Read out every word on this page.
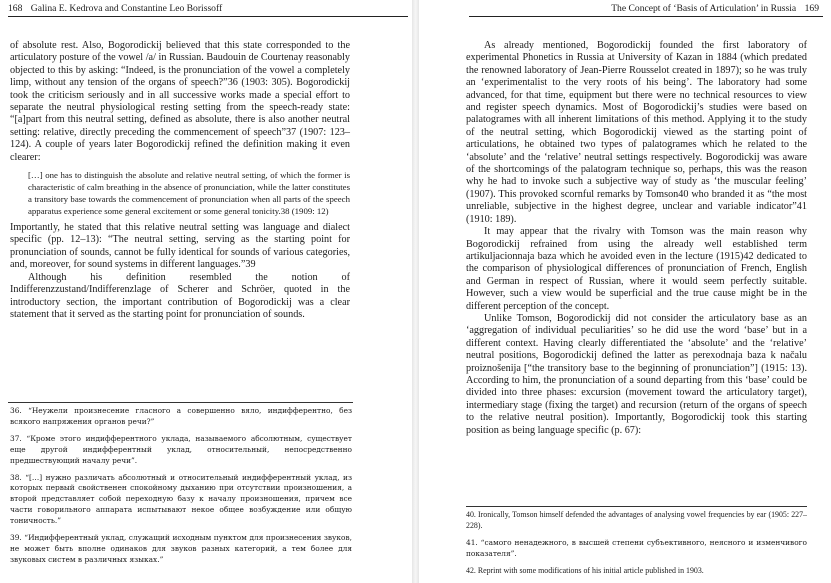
168 Galina E. Kedrova and Constantine Leo Borissoff

of absolute rest. Also, Bogorodickij believed that this state corresponded to the articulatory posture of the vowel /a/ in Russian. Baudouin de Courtenay reasonably objected to this by asking: “Indeed, is the pronunciation of the vowel a completely limp, without any tension of the organs of speech?”36 (1903: 305). Bogorodickij took the criticism seriously and in all successive works made a special effort to separate the neutral physiological resting setting from the speech-ready state: “[a]part from this neutral setting, defined as absolute, there is also another neutral setting: relative, directly preceding the commencement of speech”37 (1907: 123–124). A couple of years later Bogorodickij refined the definition making it even clearer:

[…] one has to distinguish the absolute and relative neutral setting, of which the former is characteristic of calm breathing in the absence of pronunciation, while the latter constitutes a transitory base towards the commencement of pronunciation when all parts of the speech apparatus experience some general excitement or some general tonicity.38 (1909: 12)

Importantly, he stated that this relative neutral setting was language and dialect specific (pp. 12–13): “The neutral setting, serving as the starting point for pronunciation of sounds, cannot be fully identical for sounds of various categories, and, moreover, for sound systems in different languages.”39

Although his definition resembled the notion of Indifferenzzustand/Indifferenzlage of Scherer and Schröer, quoted in the introductory section, the important contribution of Bogorodickij was a clear statement that it served as the starting point for pronunciation of sounds.

36. “Неужели произнесение гласного а совершенно вяло, индифферентно, без всякого напряжения органов речи?”
37. “Кроме этого индифферентного уклада, называемого абсолютным, существует еще другой индифферентный уклад, относительный, непосредственно предшествующий началу речи”.
38. “[…] нужно различать абсолютный и относительный индифферентный уклад, из которых первый свойственен спокойному дыханию при отсутствии произношения, а второй представляет собой переходную базу к началу произношения, причем все части говорильного аппарата испытывают некое общее возбуждение или общую тоничность.”
39. “Индифферентный уклад, служащий исходным пунктом для произнесения звуков, не может быть вполне одинаков для звуков разных категорий, а тем более для звуковых систем в различных языках.”
The Concept of ‘Basis of Articulation’ in Russia 169

As already mentioned, Bogorodickij founded the first laboratory of experimental Phonetics in Russia at University of Kazan in 1884 (which predated the renowned laboratory of Jean-Pierre Rousselot created in 1897); so he was truly an ‘experimentalist to the very roots of his being’. The laboratory had some advanced, for that time, equipment but there were no technical resources to view and register speech dynamics. Most of Bogorodickij’s studies were based on palatogrames with all inherent limitations of this method. Applying it to the study of the neutral setting, which Bogorodickij viewed as the starting point of articulations, he obtained two types of palatogrames which he related to the ‘absolute’ and the ‘relative’ neutral settings respectively. Bogorodickij was aware of the shortcomings of the palatogram technique so, perhaps, this was the reason why he had to invoke such a subjective way of study as ‘the muscular feeling’ (1907). This provoked scornful remarks by Tomson40 who branded it as “the most unreliable, subjective in the highest degree, unclear and variable indicator”41 (1910: 189).

It may appear that the rivalry with Tomson was the main reason why Bogorodickij refrained from using the already well established term artikuljacionnaja baza which he avoided even in the lecture (1915)42 dedicated to the comparison of physiological differences of pronunciation of French, English and German in respect of Russian, where it would seem perfectly suitable. However, such a view would be superficial and the true cause might be in the different perception of the concept.

Unlike Tomson, Bogorodickij did not consider the articulatory base as an ‘aggregation of individual peculiarities’ so he did use the word ‘base’ but in a different context. Having clearly differentiated the ‘absolute’ and the ‘relative’ neutral positions, Bogorodickij defined the latter as perexodnaja baza k načalu proiznošenija [“the transitory base to the beginning of pronunciation”] (1915: 13). According to him, the pronunciation of a sound departing from this ‘base’ could be divided into three phases: excursion (movement toward the articulatory target), intermediary stage (fixing the target) and recursion (return of the organs of speech to the relative neutral position). Importantly, Bogorodickij took this starting position as being language specific (p. 67):

40. Ironically, Tomson himself defended the advantages of analysing vowel frequencies by ear (1905: 227–228).
41. “самого ненадежного, в высшей степени субъективного, неясного и изменчивого показателя”.
42. Reprint with some modifications of his initial article published in 1903.
